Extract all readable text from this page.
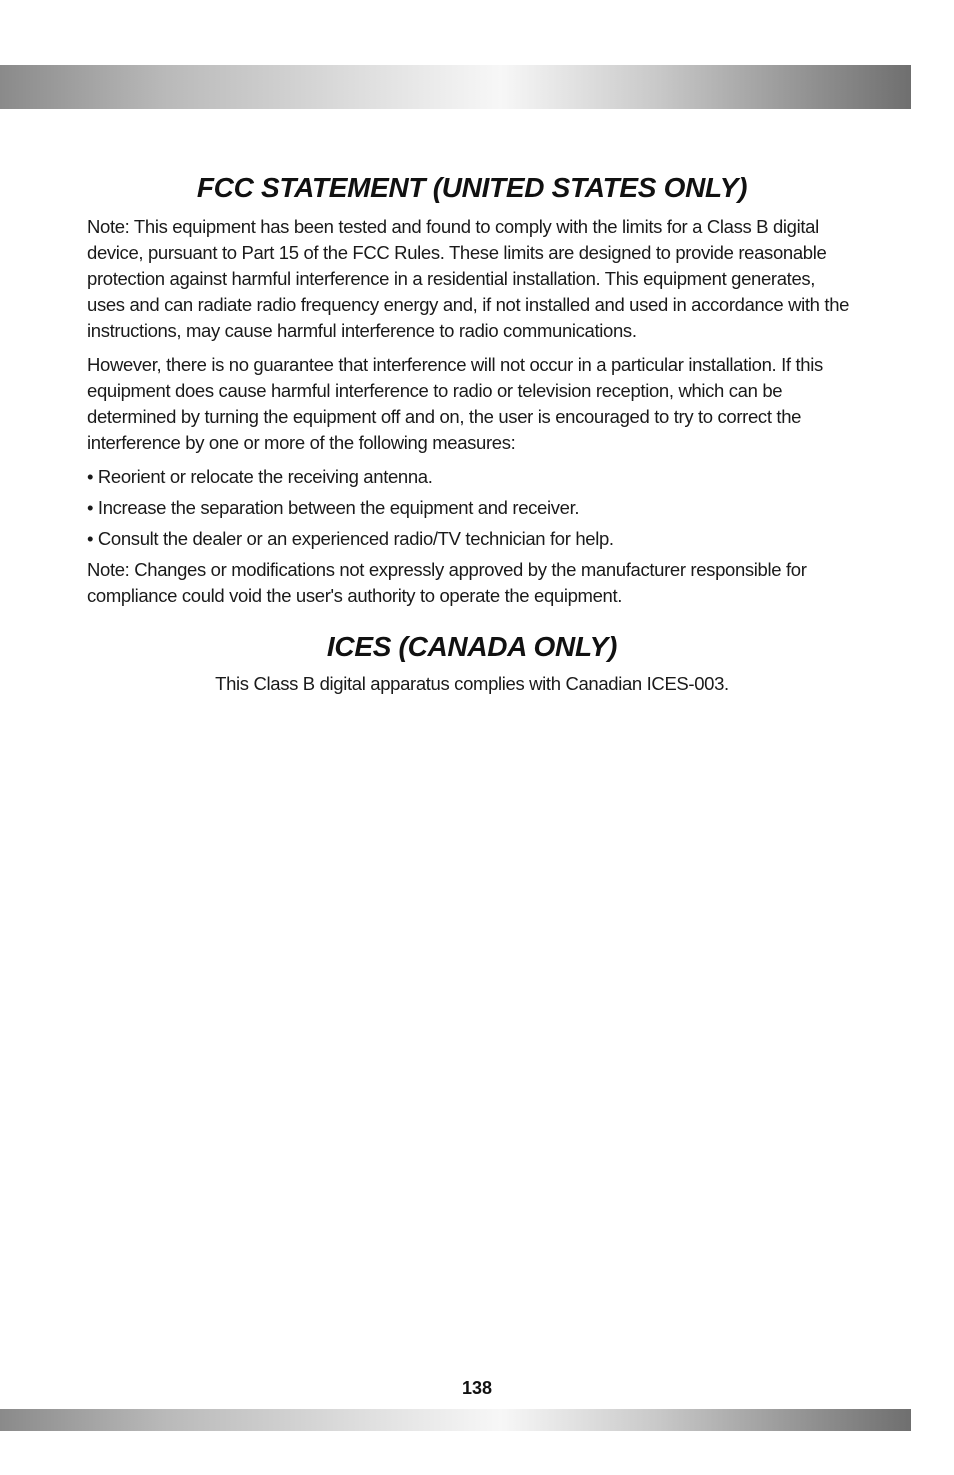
FCC STATEMENT (UNITED STATES ONLY)

Note: This equipment has been tested and found to comply with the limits for a Class B digital device, pursuant to Part 15 of the FCC Rules. These limits are designed to provide reasonable protection against harmful interference in a residential installation. This equipment generates, uses and can radiate radio frequency energy and, if not installed and used in accordance with the instructions, may cause harmful interference to radio communications.

However, there is no guarantee that interference will not occur in a particular installation. If this equipment does cause harmful interference to radio or television reception, which can be determined by turning the equipment off and on, the user is encouraged to try to correct the interference by one or more of the following measures:

• Reorient or relocate the receiving antenna.

• Increase the separation between the equipment and receiver.

• Consult the dealer or an experienced radio/TV technician for help.

Note: Changes or modifications not expressly approved by the manufacturer responsible for compliance could void the user's authority to operate the equipment.

ICES (CANADA ONLY)

This Class B digital apparatus complies with Canadian ICES-003.

138
